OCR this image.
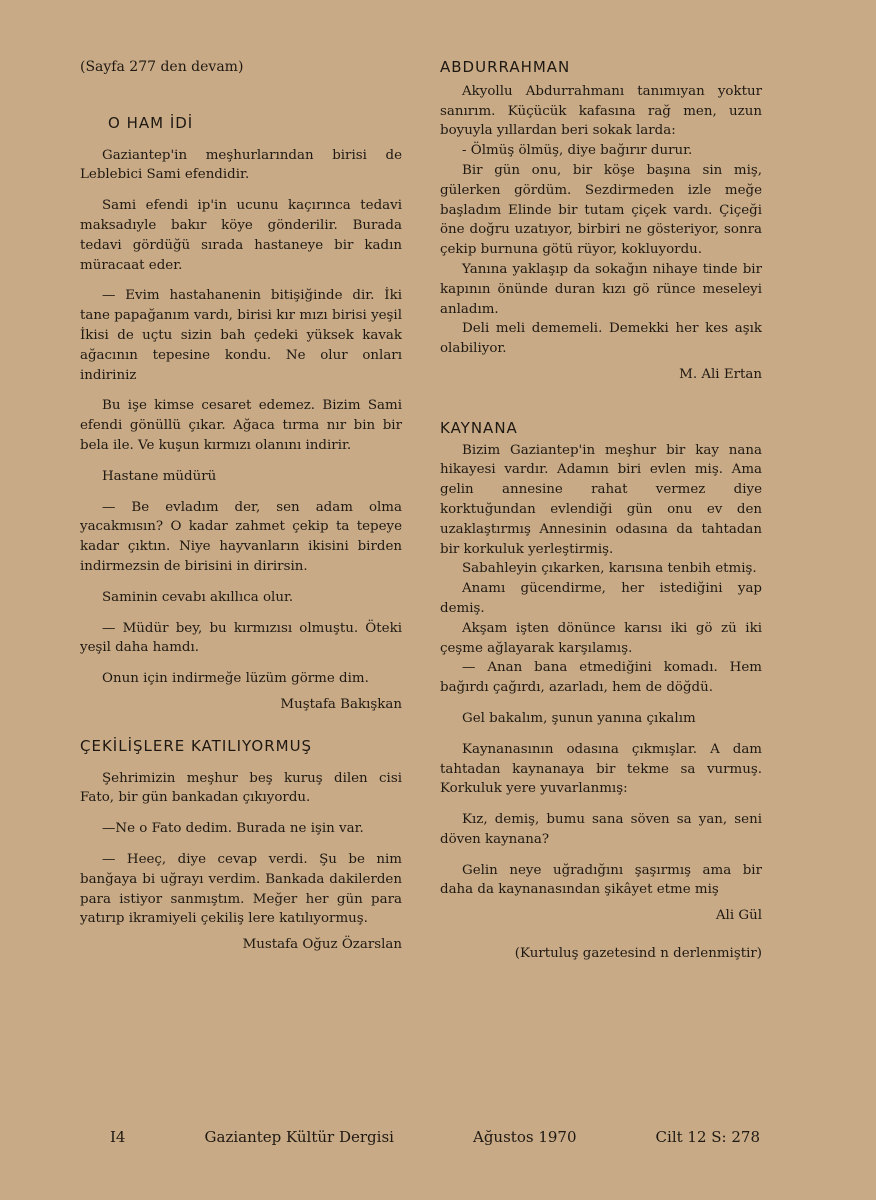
(Sayfa 277 den devam)

O HAM İDİ

Gaziantep'in meşhurlarından birisi de Leblebici Sami efendidir.

Sami efendi ip'in ucunu kaçırınca tedavi maksadıyle bakır köye gönderilir. Burada tedavi gördüğü sırada hastaneye bir kadın müracaat eder.

— Evim hastahanenin bitişiğinde dir. İki tane papağanım vardı, birisi kır mızı birisi yeşil İkisi de uçtu sizin bah çedeki yüksek kavak ağacının tepesine kondu. Ne olur onları indiriniz

Bu işe kimse cesaret edemez. Bizim Sami efendi gönüllü çıkar. Ağaca tırma nır bin bir bela ile. Ve kuşun kırmızı olanını indirir.

Hastane müdürü

— Be evladım der, sen adam olma yacakmısın? O kadar zahmet çekip ta tepeye kadar çıktın. Niye hayvanların ikisini birden indirmezsin de birisini in dirirsin.

Saminin cevabı akıllıca olur.

— Müdür bey, bu kırmızısı olmuştu. Öteki yeşil daha hamdı.

Onun için indirmeğe lüzüm görme dim.

Muştafa Bakışkan

ÇEKİLİŞLERE KATILIYORMUŞ

Şehrimizin meşhur beş kuruş dilen cisi Fato, bir gün bankadan çıkıyordu.

—Ne o Fato dedim. Burada ne işin var.

— Heeç, diye cevap verdi. Şu be nim banğaya bi uğrayı verdim. Bankada dakilerden para istiyor sanmıştım. Meğer her gün para yatırıp ikramiyeli çekiliş lere katılıyormuş.

Mustafa Oğuz Özarslan

ABDURRAHMAN

Akyollu Abdurrahmanı tanımıyan yoktur sanırım. Küçücük kafasına rağ men, uzun boyuyla yıllardan beri sokak larda:

- Ölmüş ölmüş, diye bağırır durur.

Bir gün onu, bir köşe başına sin miş, gülerken gördüm. Sezdirmeden izle meğe başladım Elinde bir tutam çiçek vardı. Çiçeği öne doğru uzatıyor, birbiri ne gösteriyor, sonra çekip burnuna götü rüyor, kokluyordu.

Yanına yaklaşıp da sokağın nihaye tinde bir kapının önünde duran kızı gö rünce meseleyi anladım.

Deli meli dememeli. Demekki her kes aşık olabiliyor.

M. Ali Ertan

KAYNANA

Bizim Gaziantep'in meşhur bir kay nana hikayesi vardır. Adamın biri evlen miş. Ama gelin annesine rahat vermez diye korktuğundan evlendiği gün onu ev den uzaklaştırmış Annesinin odasına da tahtadan bir korkuluk yerleştirmiş.

Sabahleyin çıkarken, karısına tenbih etmiş.

Anamı gücendirme, her istediğini yap demiş.

Akşam işten dönünce karısı iki gö zü iki çeşme ağlayarak karşılamış.

— Anan bana etmediğini komadı. Hem bağırdı çağırdı, azarladı, hem de döğdü.

Gel bakalım, şunun yanına çıkalım

Kaynanasının odasına çıkmışlar. A dam tahtadan kaynanaya bir tekme sa vurmuş. Korkuluk yere yuvarlanmış:

Kız, demiş, bumu sana söven sa yan, seni döven kaynana?

Gelin neye uğradığını şaşırmış ama bir daha da kaynanasından şikâyet etme miş

Ali Gül

(Kurtuluş gazetesind n derlenmiştir)

I4	Gaziantep Kültür Dergisi	Ağustos 1970	Cilt 12 S: 278
